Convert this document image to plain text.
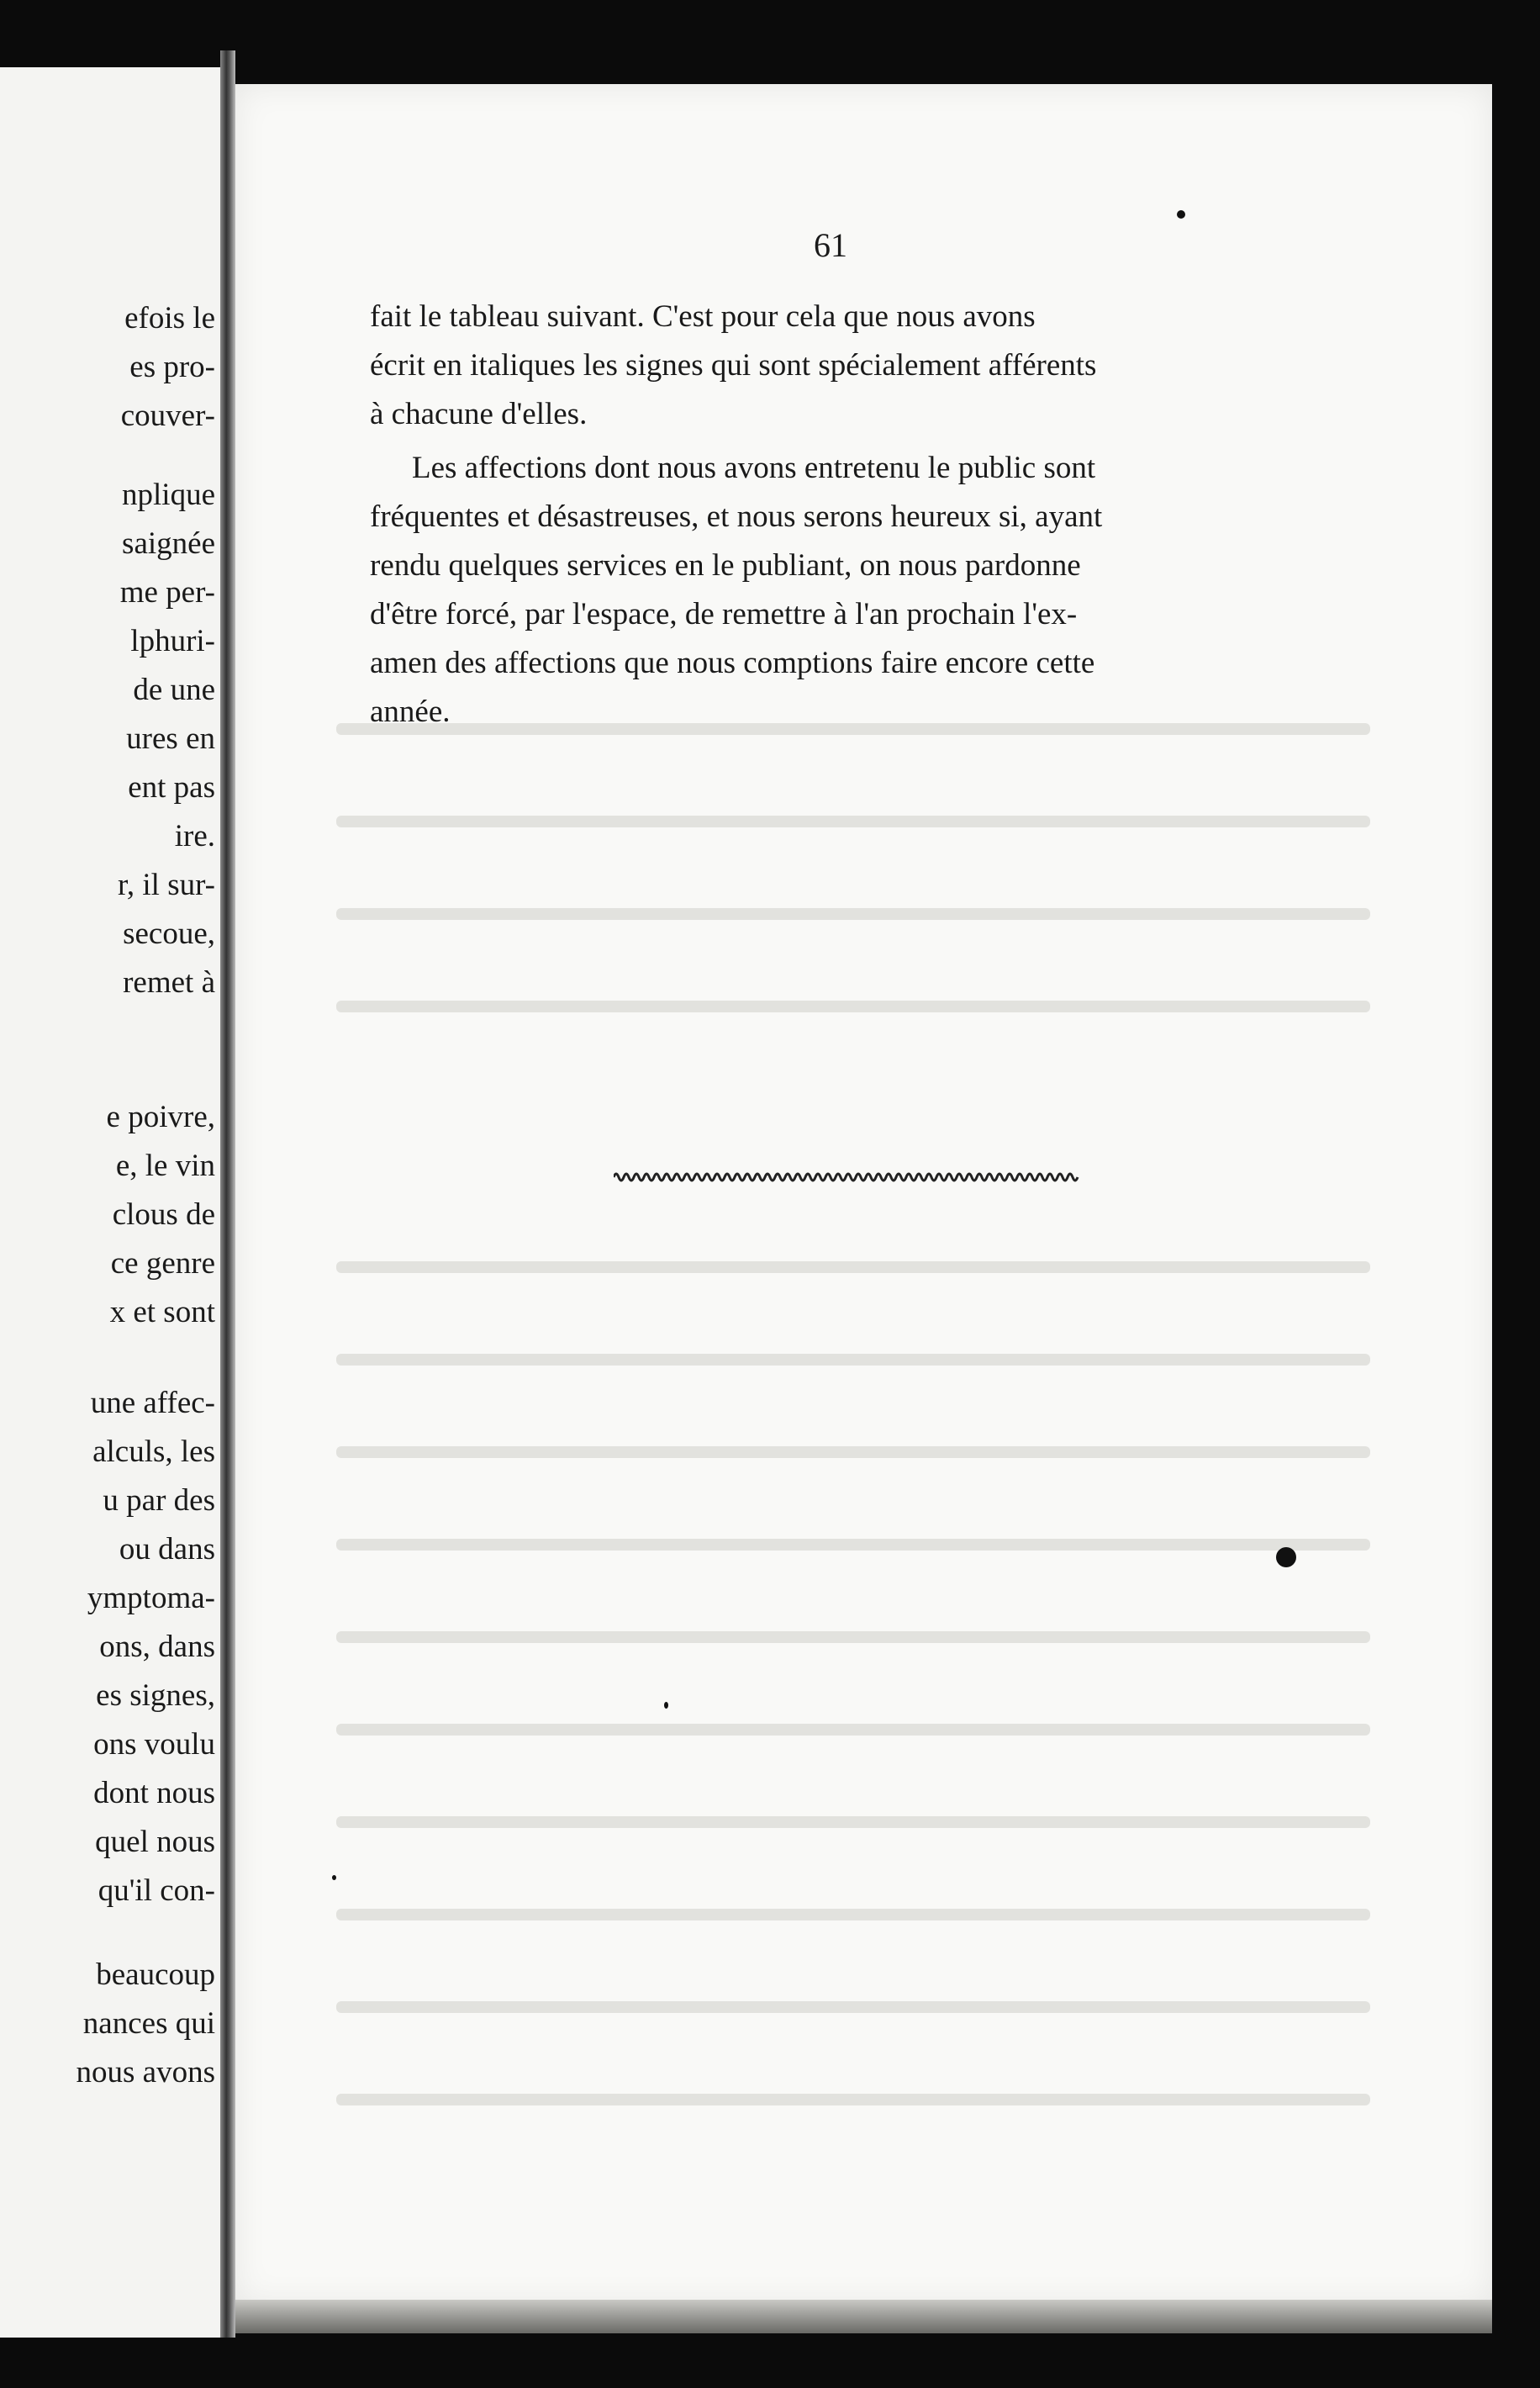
efois le
es pro-
couver-
nplique
saignée
me per-
lphuri-
de une
ures en
ent pas
ire.
r, il sur-
secoue,
remet à
e poivre,
e, le vin
clous de
ce genre
x et sont
une affec-
alculs, les
u par des
ou dans
ymptoma-
ons, dans
es signes,
ons voulu
dont nous
quel nous
qu'il con-
beaucoup
nances qui
nous avons
61
fait le tableau suivant. C'est pour cela que nous avons
écrit en italiques les signes qui sont spécialement afférents
à chacune d'elles.
Les affections dont nous avons entretenu le public sont
fréquentes et désastreuses, et nous serons heureux si, ayant
rendu quelques services en le publiant, on nous pardonne
d'être forcé, par l'espace, de remettre à l'an prochain l'ex-
amen des affections que nous comptions faire encore cette
année.
